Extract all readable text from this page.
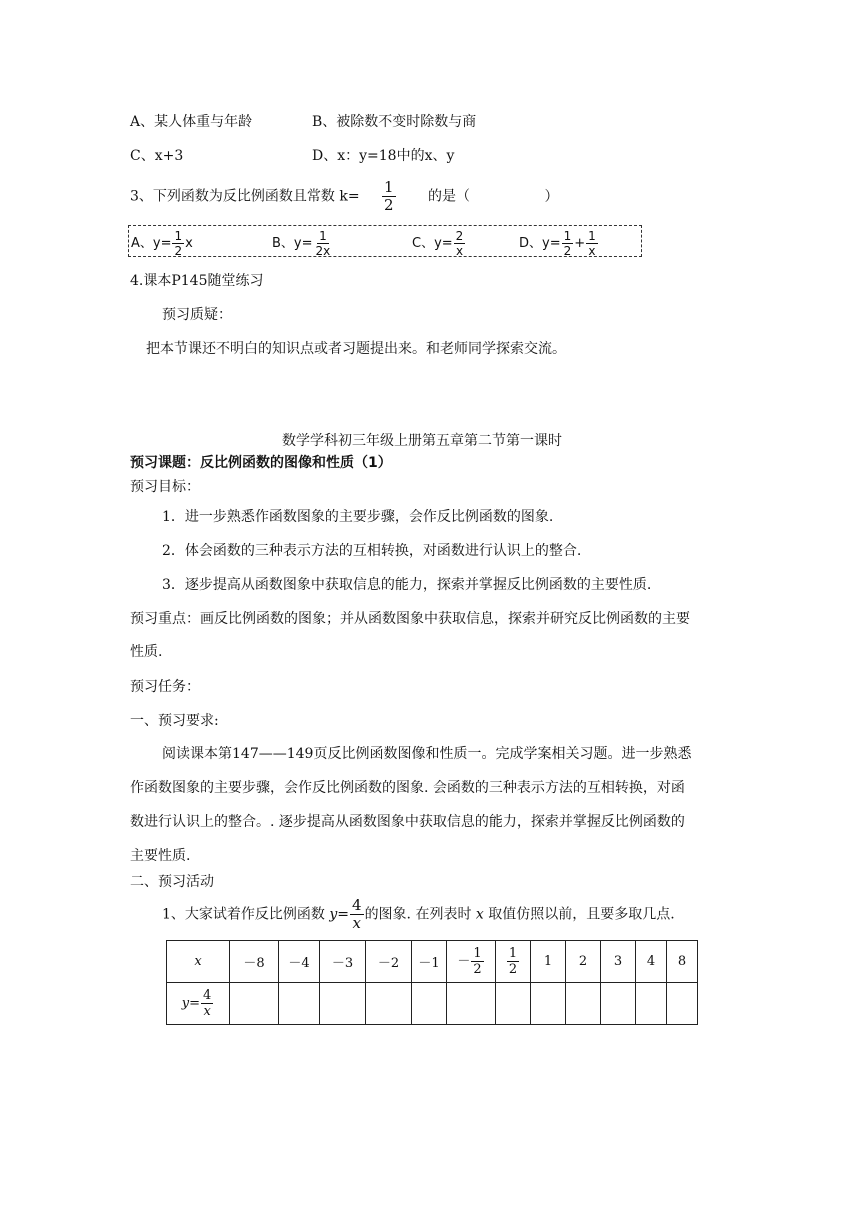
A、某人体重与年龄	B、被除数不变时除数与商
C、x+3	D、x：y=18中的x、y
3、下列函数为反比例函数且常数 $k= \frac{1}{2}$ 的是（	）
A、$y= \frac{1}{2}$ x	B、$y= \frac{1}{2x}$	C、$y= \frac{2}{x}$	D、$y= \frac{1}{2} + \frac{1}{x}$
4.课本P145随堂练习
预习质疑：
把本节课还不明白的知识点或者习题提出来。和老师同学探索交流。
数学学科初三年级上册第五章第二节第一课时
预习课题：反比例函数的图像和性质（1）
预习目标：
1．进一步熟悉作函数图象的主要步骤，会作反比例函数的图象.
2．体会函数的三种表示方法的互相转换，对函数进行认识上的整合.
3．逐步提高从函数图象中获取信息的能力，探索并掌握反比例函数的主要性质.
预习重点：画反比例函数的图象；并从函数图象中获取信息，探索并研究反比例函数的主要
性质.
预习任务：
一、预习要求:
阅读课本第147——149页反比例函数图像和性质一。完成学案相关习题。进一步熟悉
作函数图象的主要步骤，会作反比例函数的图象. 会函数的三种表示方法的互相转换，对函
数进行认识上的整合。. 逐步提高从函数图象中获取信息的能力，探索并掌握反比例函数的
主要性质.
二、预习活动
1、大家试着作反比例函数 $y= \frac{4}{x}$ 的图象. 在列表时 x 取值仿照以前，且要多取几点.
x	－8	－4	－3	－2	－1	－ $\frac{1}{2}$	$\frac{1}{2}$	1	2	3	4	8
$y= \frac{4}{x}$
